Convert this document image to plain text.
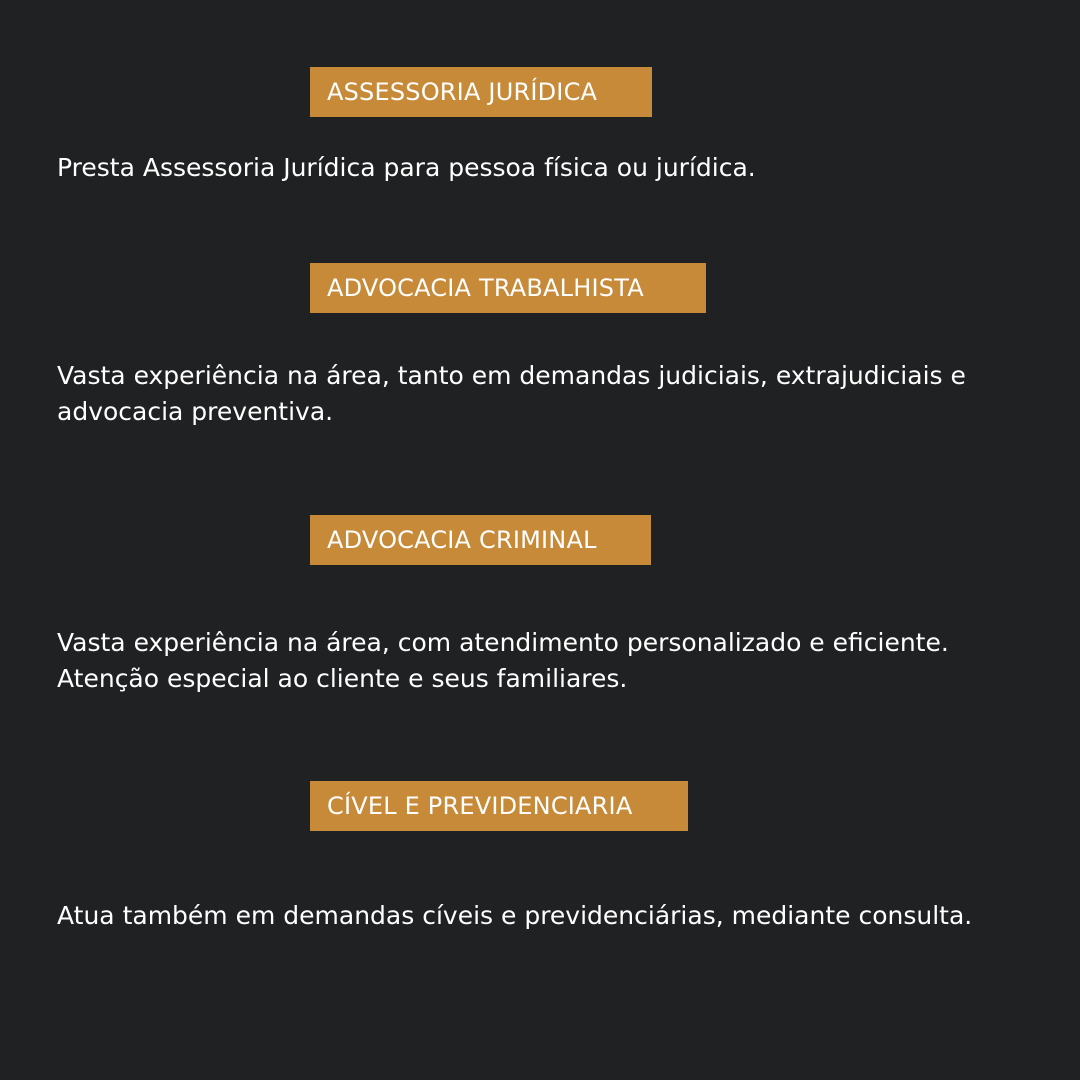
ASSESSORIA JURÍDICA

Presta Assessoria Jurídica para pessoa física ou jurídica.

ADVOCACIA TRABALHISTA

Vasta experiência na área, tanto em demandas judiciais, extrajudiciais e advocacia preventiva.

ADVOCACIA CRIMINAL

Vasta experiência na área, com atendimento personalizado e eficiente. Atenção especial ao cliente e seus familiares.

CÍVEL E PREVIDENCIARIA

Atua também em demandas cíveis e previdenciárias, mediante consulta.
